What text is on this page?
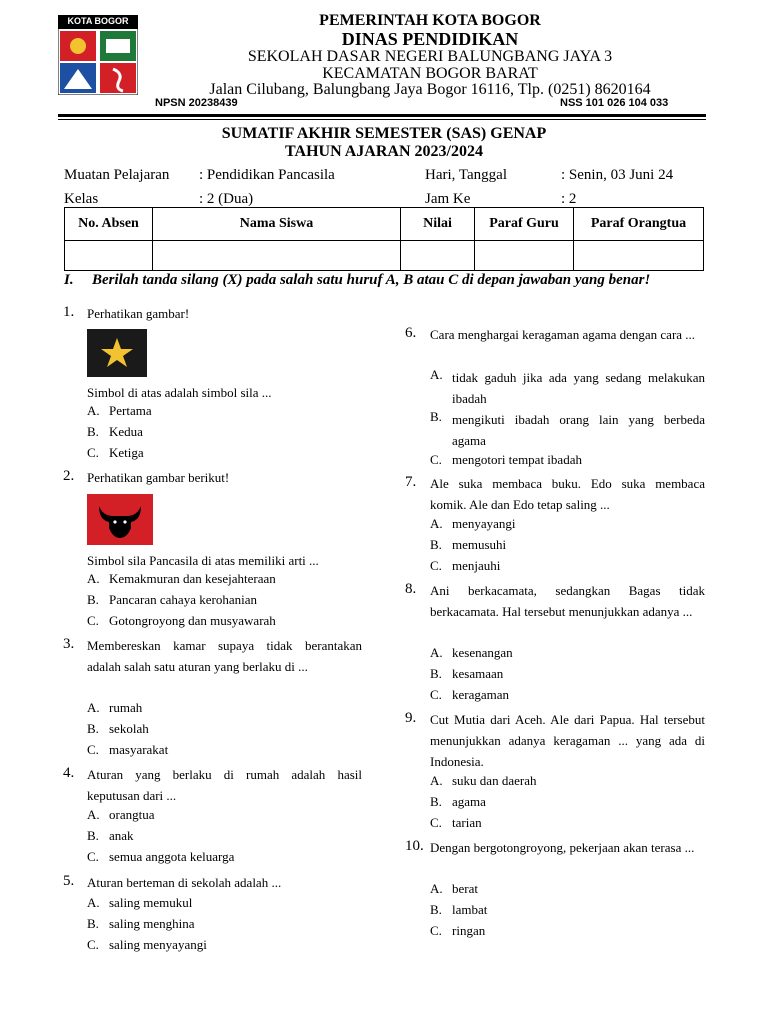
KOTA BOGOR	PEMERINTAH KOTA BOGOR
DINAS PENDIDIKAN
SEKOLAH DASAR NEGERI BALUNGBANG JAYA 3
KECAMATAN BOGOR BARAT
Jalan Cilubang, Balungbang Jaya Bogor 16116, Tlp. (0251) 8620164
NPSN 20238439	NSS 101 026 104 033
SUMATIF AKHIR SEMESTER (SAS) GENAP
TAHUN AJARAN 2023/2024
Muatan Pelajaran : Pendidikan Pancasila	Hari, Tanggal	: Senin, 03 Juni 24
Kelas	: 2 (Dua)	Jam Ke	: 2
No. Absen	Nama Siswa	Nilai	Paraf Guru	Paraf Orangtua

I. Berilah tanda silang (X) pada salah satu huruf A, B atau C di depan jawaban yang benar!
1. Perhatikan gambar!
Simbol di atas adalah simbol sila ...
A. Pertama
B. Kedua
C. Ketiga
2. Perhatikan gambar berikut!
Simbol sila Pancasila di atas memiliki arti ...
A. Kemakmuran dan kesejahteraan
B. Pancaran cahaya kerohanian
C. Gotongroyong dan musyawarah
3. Membereskan kamar supaya tidak berantakan adalah salah satu aturan yang berlaku di ...
A. rumah
B. sekolah
C. masyarakat
4. Aturan yang berlaku di rumah adalah hasil keputusan dari ...
A. orangtua
B. anak
C. semua anggota keluarga
5. Aturan berteman di sekolah adalah ...
A. saling memukul
B. saling menghina
C. saling menyayangi
6. Cara menghargai keragaman agama dengan cara ...
A. tidak gaduh jika ada yang sedang melakukan ibadah
B. mengikuti ibadah orang lain yang berbeda agama
C. mengotori tempat ibadah
7. Ale suka membaca buku. Edo suka membaca komik. Ale dan Edo tetap saling ...
A. menyayangi
B. memusuhi
C. menjauhi
8. Ani berkacamata, sedangkan Bagas tidak berkacamata. Hal tersebut menunjukkan adanya ...
A. kesenangan
B. kesamaan
C. keragaman
9. Cut Mutia dari Aceh. Ale dari Papua. Hal tersebut menunjukkan adanya keragaman ... yang ada di Indonesia.
A. suku dan daerah
B. agama
C. tarian
10. Dengan bergotongroyong, pekerjaan akan terasa ...
A. berat
B. lambat
C. ringan
